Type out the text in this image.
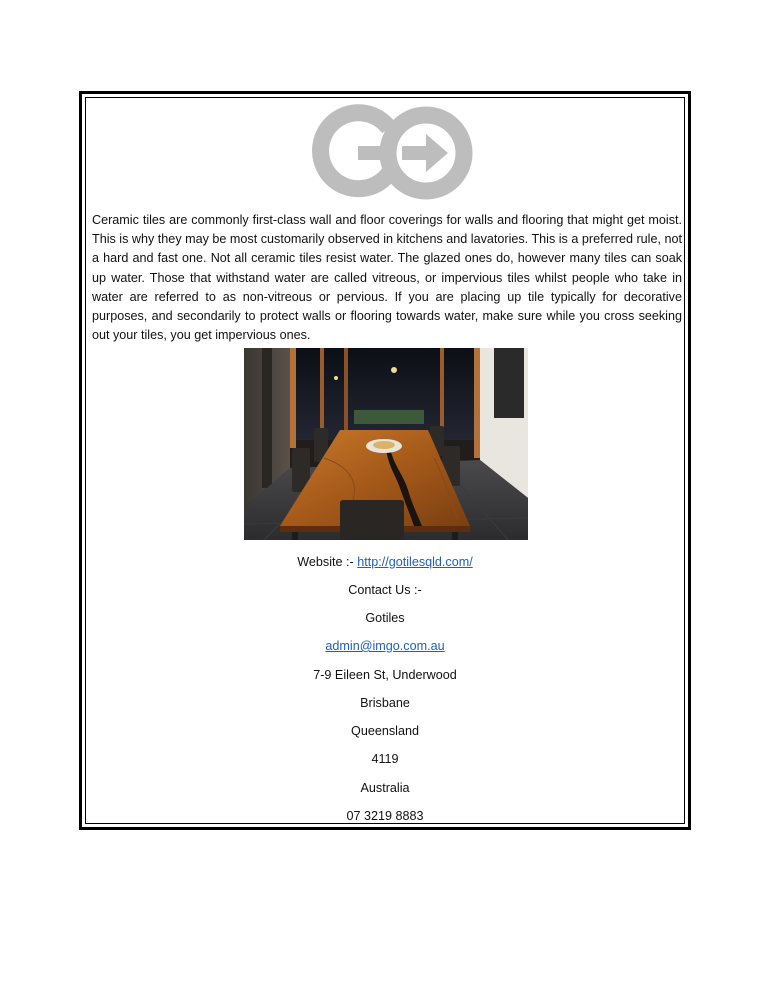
Ceramic tiles are commonly first-class wall and floor coverings for walls and flooring that might get moist. This is why they may be most customarily observed in kitchens and lavatories. This is a preferred rule, not a hard and fast one. Not all ceramic tiles resist water. The glazed ones do, however many tiles can soak up water. Those that withstand water are called vitreous, or impervious tiles whilst people who take in water are referred to as non-vitreous or pervious. If you are placing up tile typically for decorative purposes, and secondarily to protect walls or flooring towards water, make sure while you cross seeking out your tiles, you get impervious ones.

Website :- http://gotilesqld.com/
Contact Us :-
Gotiles
admin@imgo.com.au
7-9 Eileen St, Underwood
Brisbane
Queensland
4119
Australia
07 3219 8883
